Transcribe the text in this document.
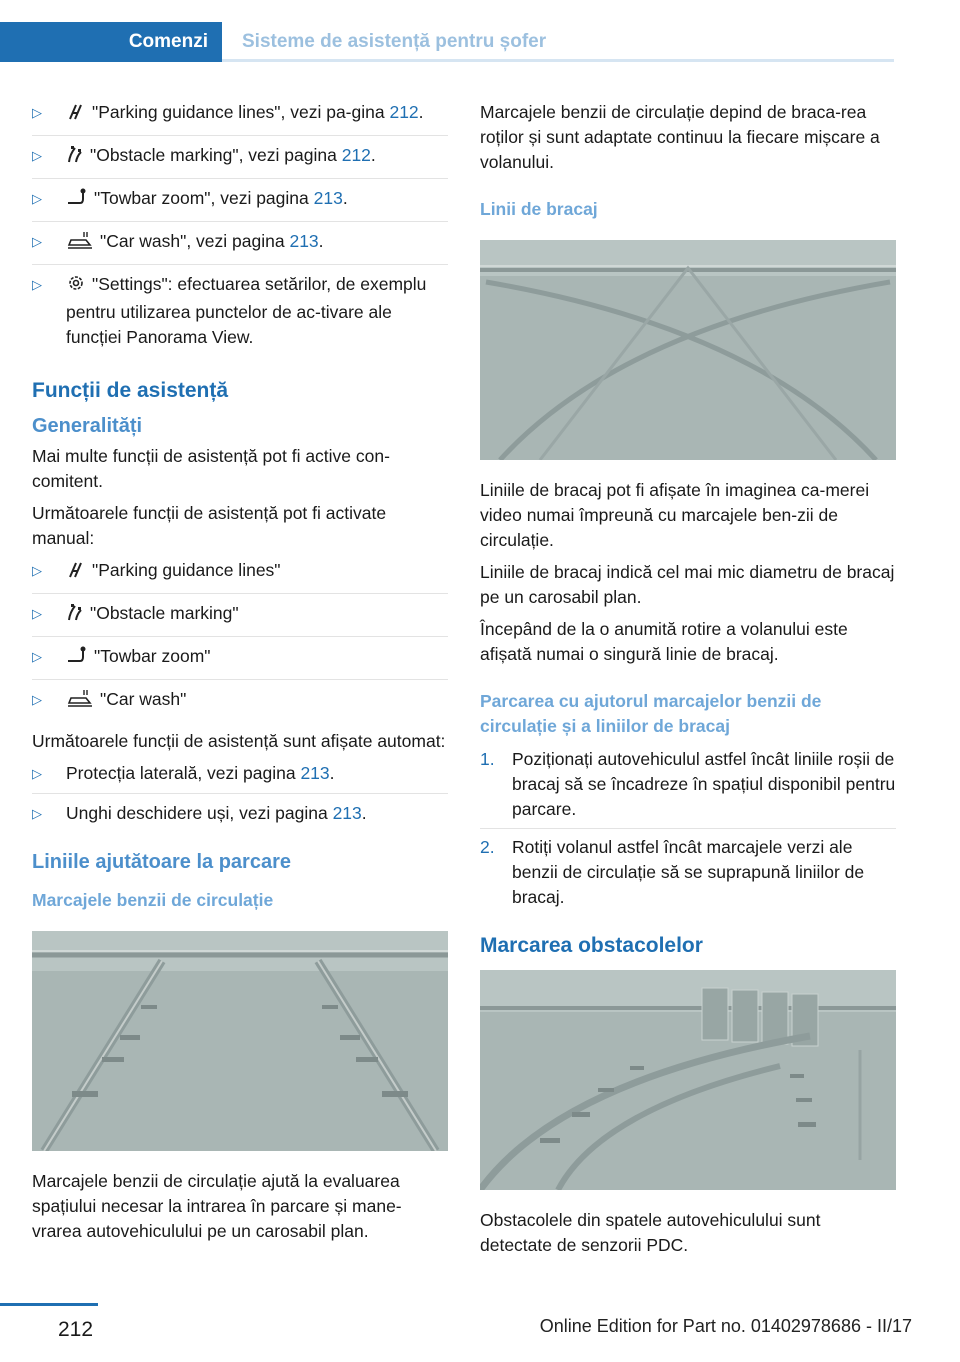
Comenzi Sisteme de asistență pentru șofer
▷	"Parking guidance lines", vezi pa‐gina 212.
▷	"Obstacle marking", vezi pagina 212.
▷	"Towbar zoom", vezi pagina 213.
▷	"Car wash", vezi pagina 213.
▷	"Settings": efectuarea setărilor, de exemplu pentru utilizarea punctelor de ac‐tivare ale funcției Panorama View.
Funcții de asistență
Generalități

Mai multe funcții de asistență pot fi active con‐comitent.

Următoarele funcții de asistență pot fi activate manual:

▷	"Parking guidance lines"
▷	"Obstacle marking"
▷	"Towbar zoom"
▷	"Car wash"

Următoarele funcții de asistență sunt afișate automat:

▷ Protecția laterală, vezi pagina 213.
▷ Unghi deschidere uși, vezi pagina 213.
Liniile ajutătoare la parcare
Marcajele benzii de circulație

Marcajele benzii de circulație ajută la evaluarea spațiului necesar la intrarea în parcare și mane‐vrarea autovehiculului pe un carosabil plan.

Marcajele benzii de circulație depind de braca‐rea roților și sunt adaptate continuu la fiecare mișcare a volanului.

Linii de bracaj

Liniile de bracaj pot fi afișate în imaginea ca‐merei video numai împreună cu marcajele ben‐zii de circulație.

Liniile de bracaj indică cel mai mic diametru de bracaj pe un carosabil plan.

Începând de la o anumită rotire a volanului este afișată numai o singură linie de bracaj.

Parcarea cu ajutorul marcajelor benzii de circulație și a liniilor de bracaj
1. Poziționați autovehiculul astfel încât liniile roșii de bracaj să se încadreze în spațiul disponibil pentru parcare.
2. Rotiți volanul astfel încât marcajele verzi ale benzii de circulație să se suprapună liniilor de bracaj.
Marcarea obstacolelor

Obstacolele din spatele autovehiculului sunt detectate de senzorii PDC.

212	Online Edition for Part no. 01402978686 - II/17
